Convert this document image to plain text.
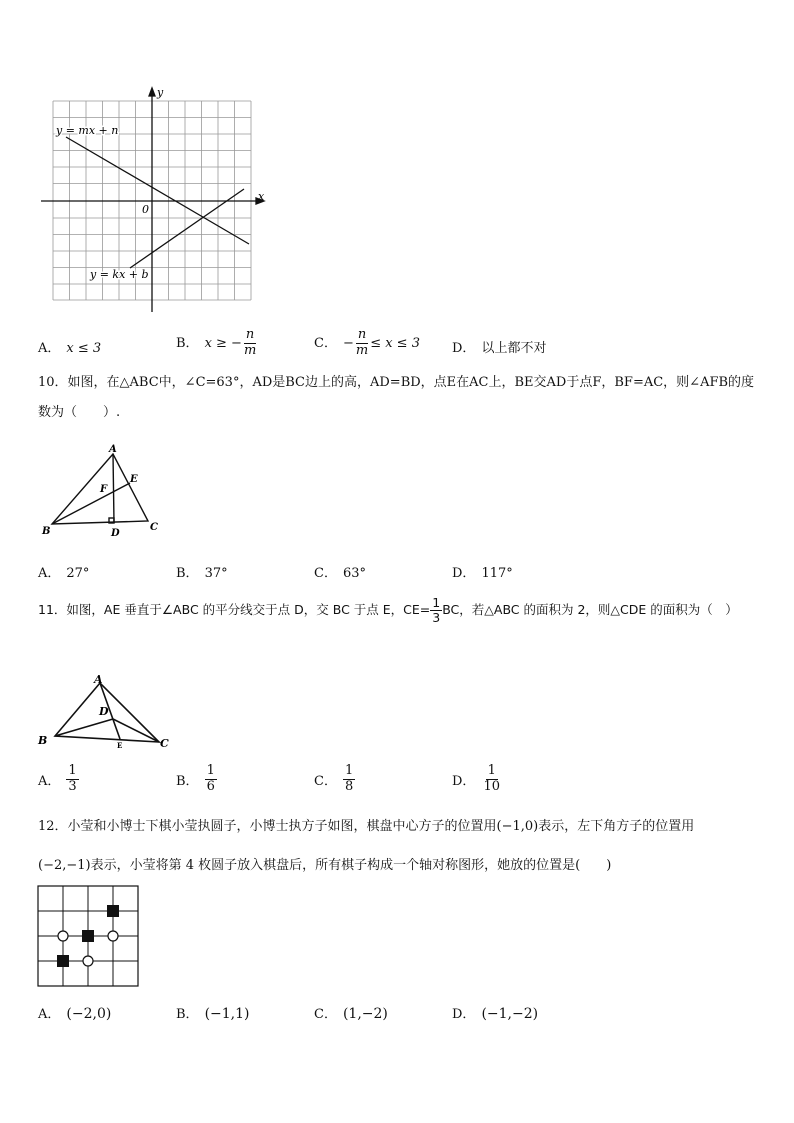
y
x
0
y = mx + n
y = kx + b
A． x ≤ 3	B． x ≥ − $\frac{n}{m}$	C． − $\frac{n}{m} \le x \le 3$ D． 以上都不对
10．如图，在△ABC中，∠C=63°，AD是BC边上的高，AD=BD，点E在AC上，BE交AD于点F，BF=AC，则∠AFB的度数为（　　）.
A
E
F
B	D
C
A． 27°	B． 37°	C． 63°	D． 117°
11．如图，AE 垂直于∠ABC 的平分线交于点 D，交 BC 于点 E，$CE= \frac{1}{3}$ BC，若△ABC 的面积为 2，则△CDE 的面积为（　）
A
D
B	E	C
A． $\frac{1}{3}$	B． $\frac{1}{6}$	C． $\frac{1}{8}$	D． $\frac{1}{10}$
12．小莹和小博士下棋小莹执圆子，小博士执方子如图，棋盘中心方子的位置用(−1,0)表示，左下角方子的位置用
(−2,−1)表示，小莹将第 4 枚圆子放入棋盘后，所有棋子构成一个轴对称图形，她放的位置是(　　)
A． (−2,0)	B． (−1,1)	C． (1,−2)	D． (−1,−2)
